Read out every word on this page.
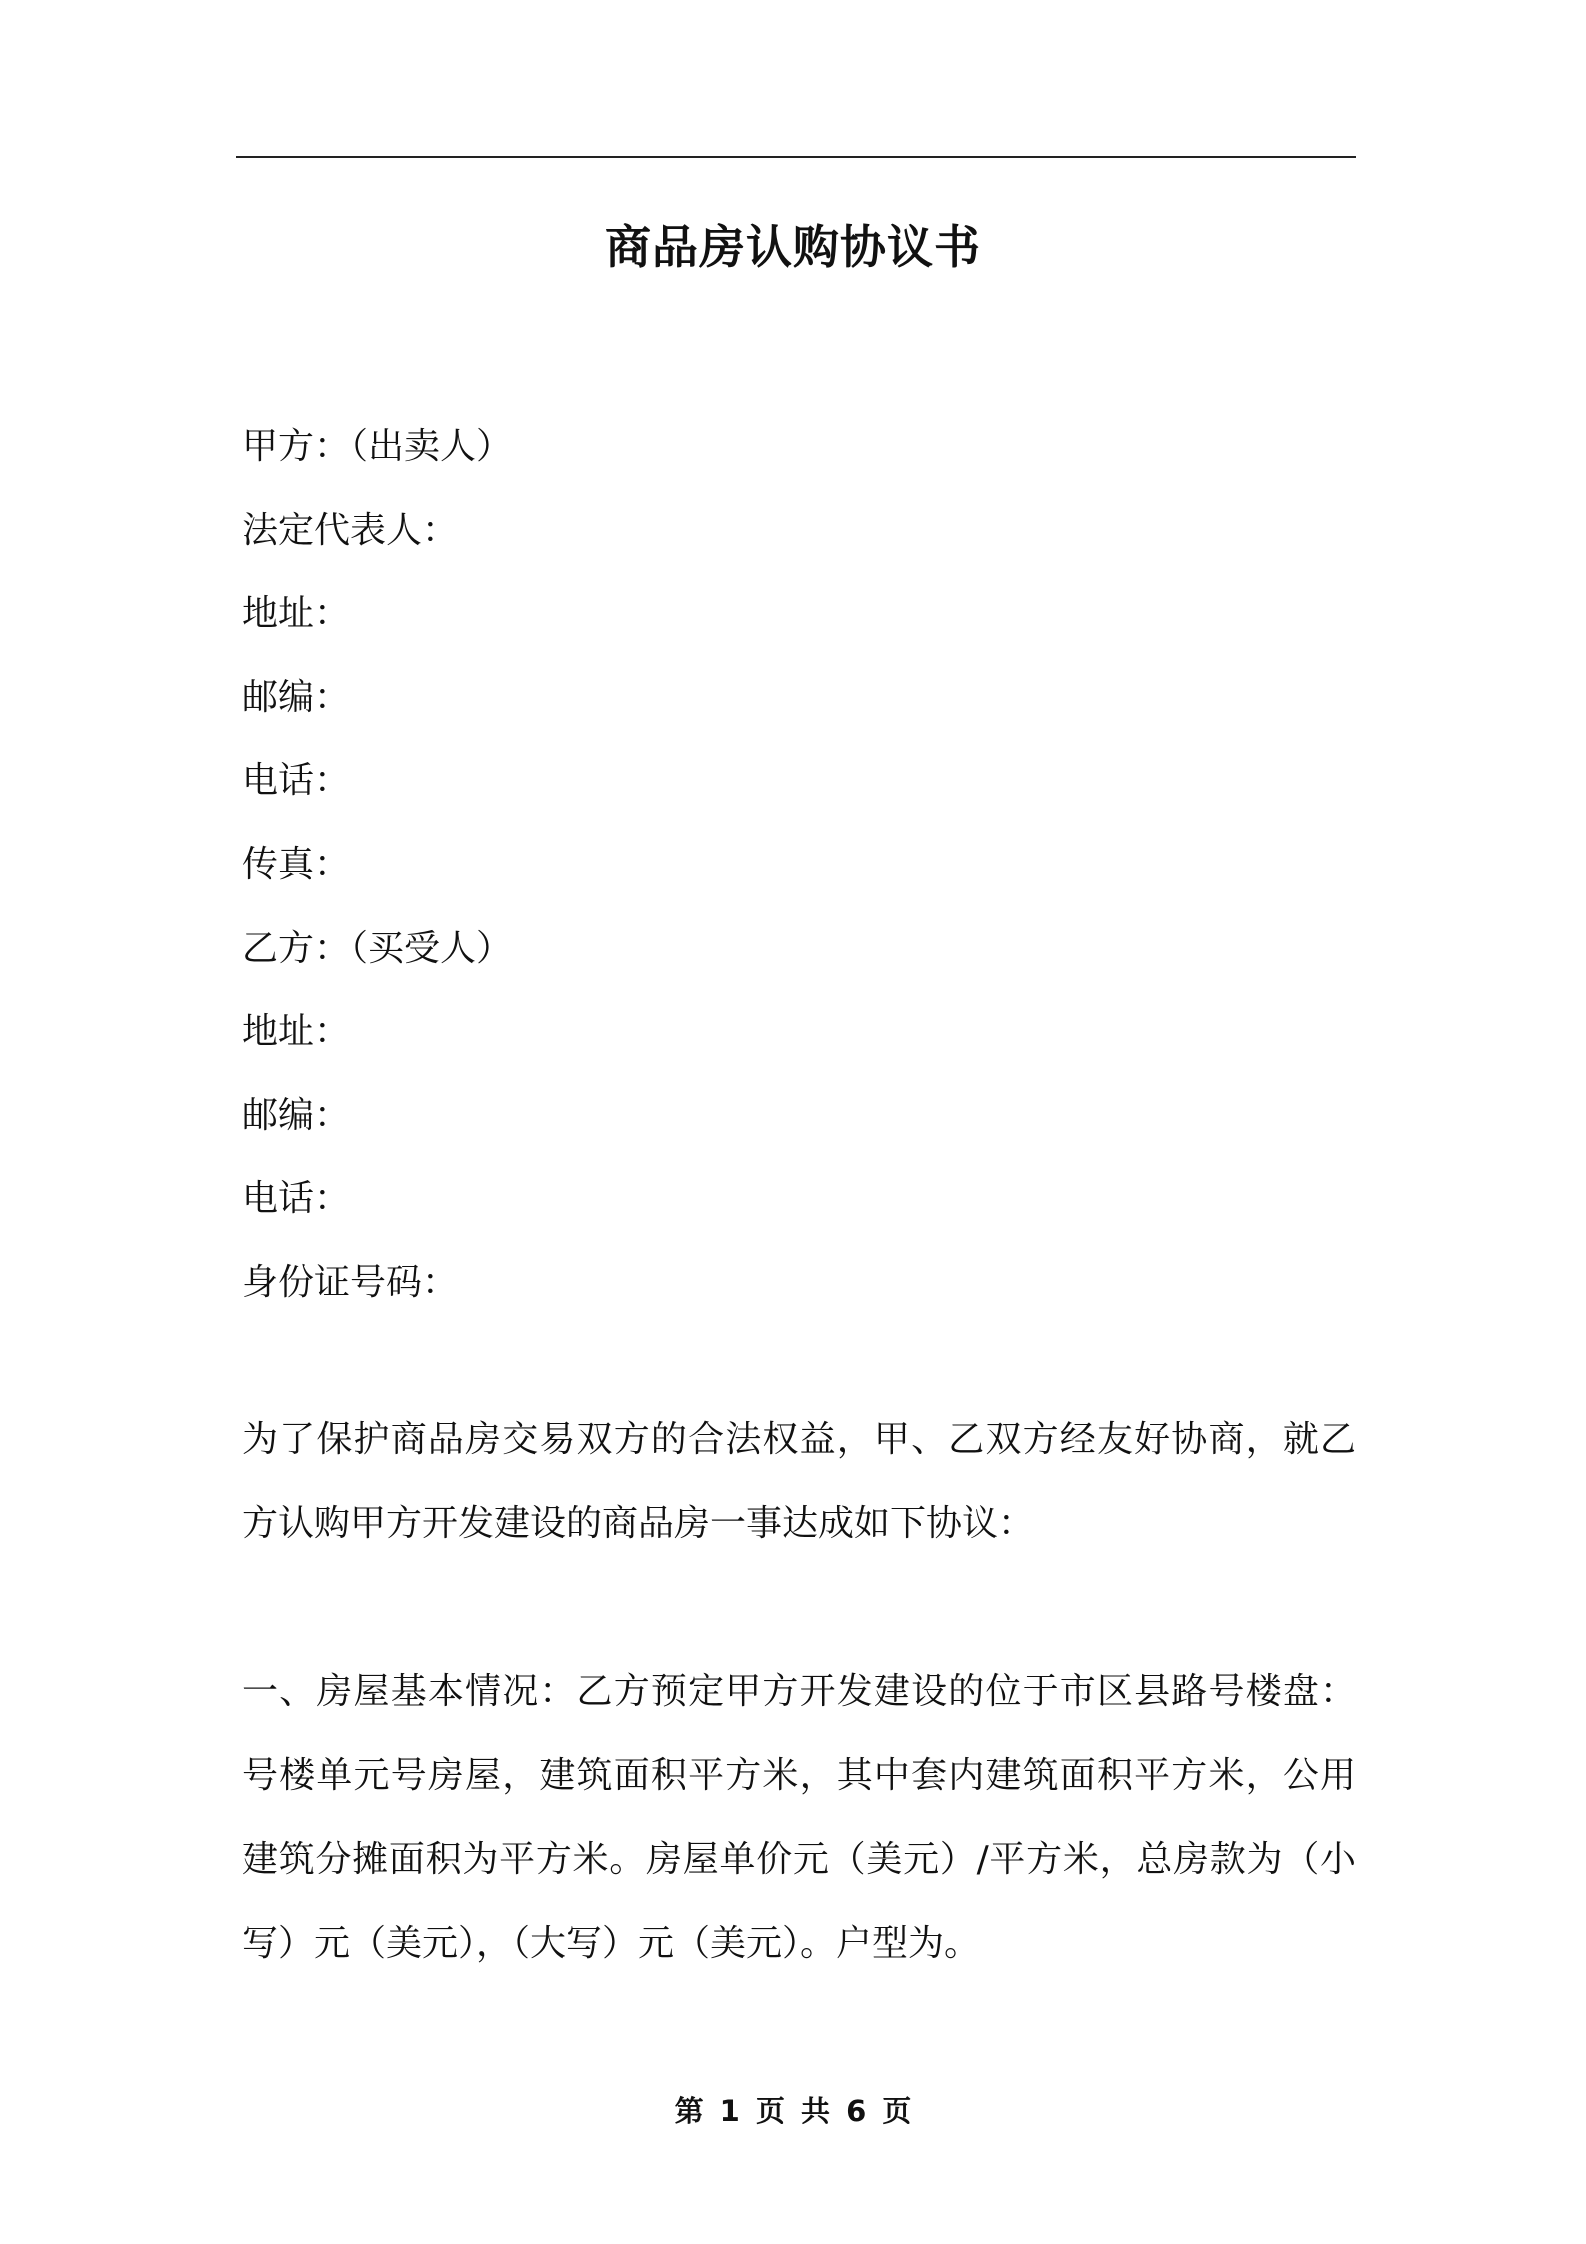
商品房认购协议书
甲方：（出卖人）
法定代表人：
地址：
邮编：
电话：
传真：
乙方：（买受人）
地址：
邮编：
电话：
身份证号码：
为了保护商品房交易双方的合法权益，甲、乙双方经友好协商，就乙方认购甲方开发建设的商品房一事达成如下协议：
一、房屋基本情况：乙方预定甲方开发建设的位于市区县路号楼盘：号楼单元号房屋，建筑面积平方米，其中套内建筑面积平方米，公用建筑分摊面积为平方米。房屋单价元（美元）/平方米，总房款为（小写）元（美元），（大写）元（美元）。户型为。
第 1 页 共 6 页
